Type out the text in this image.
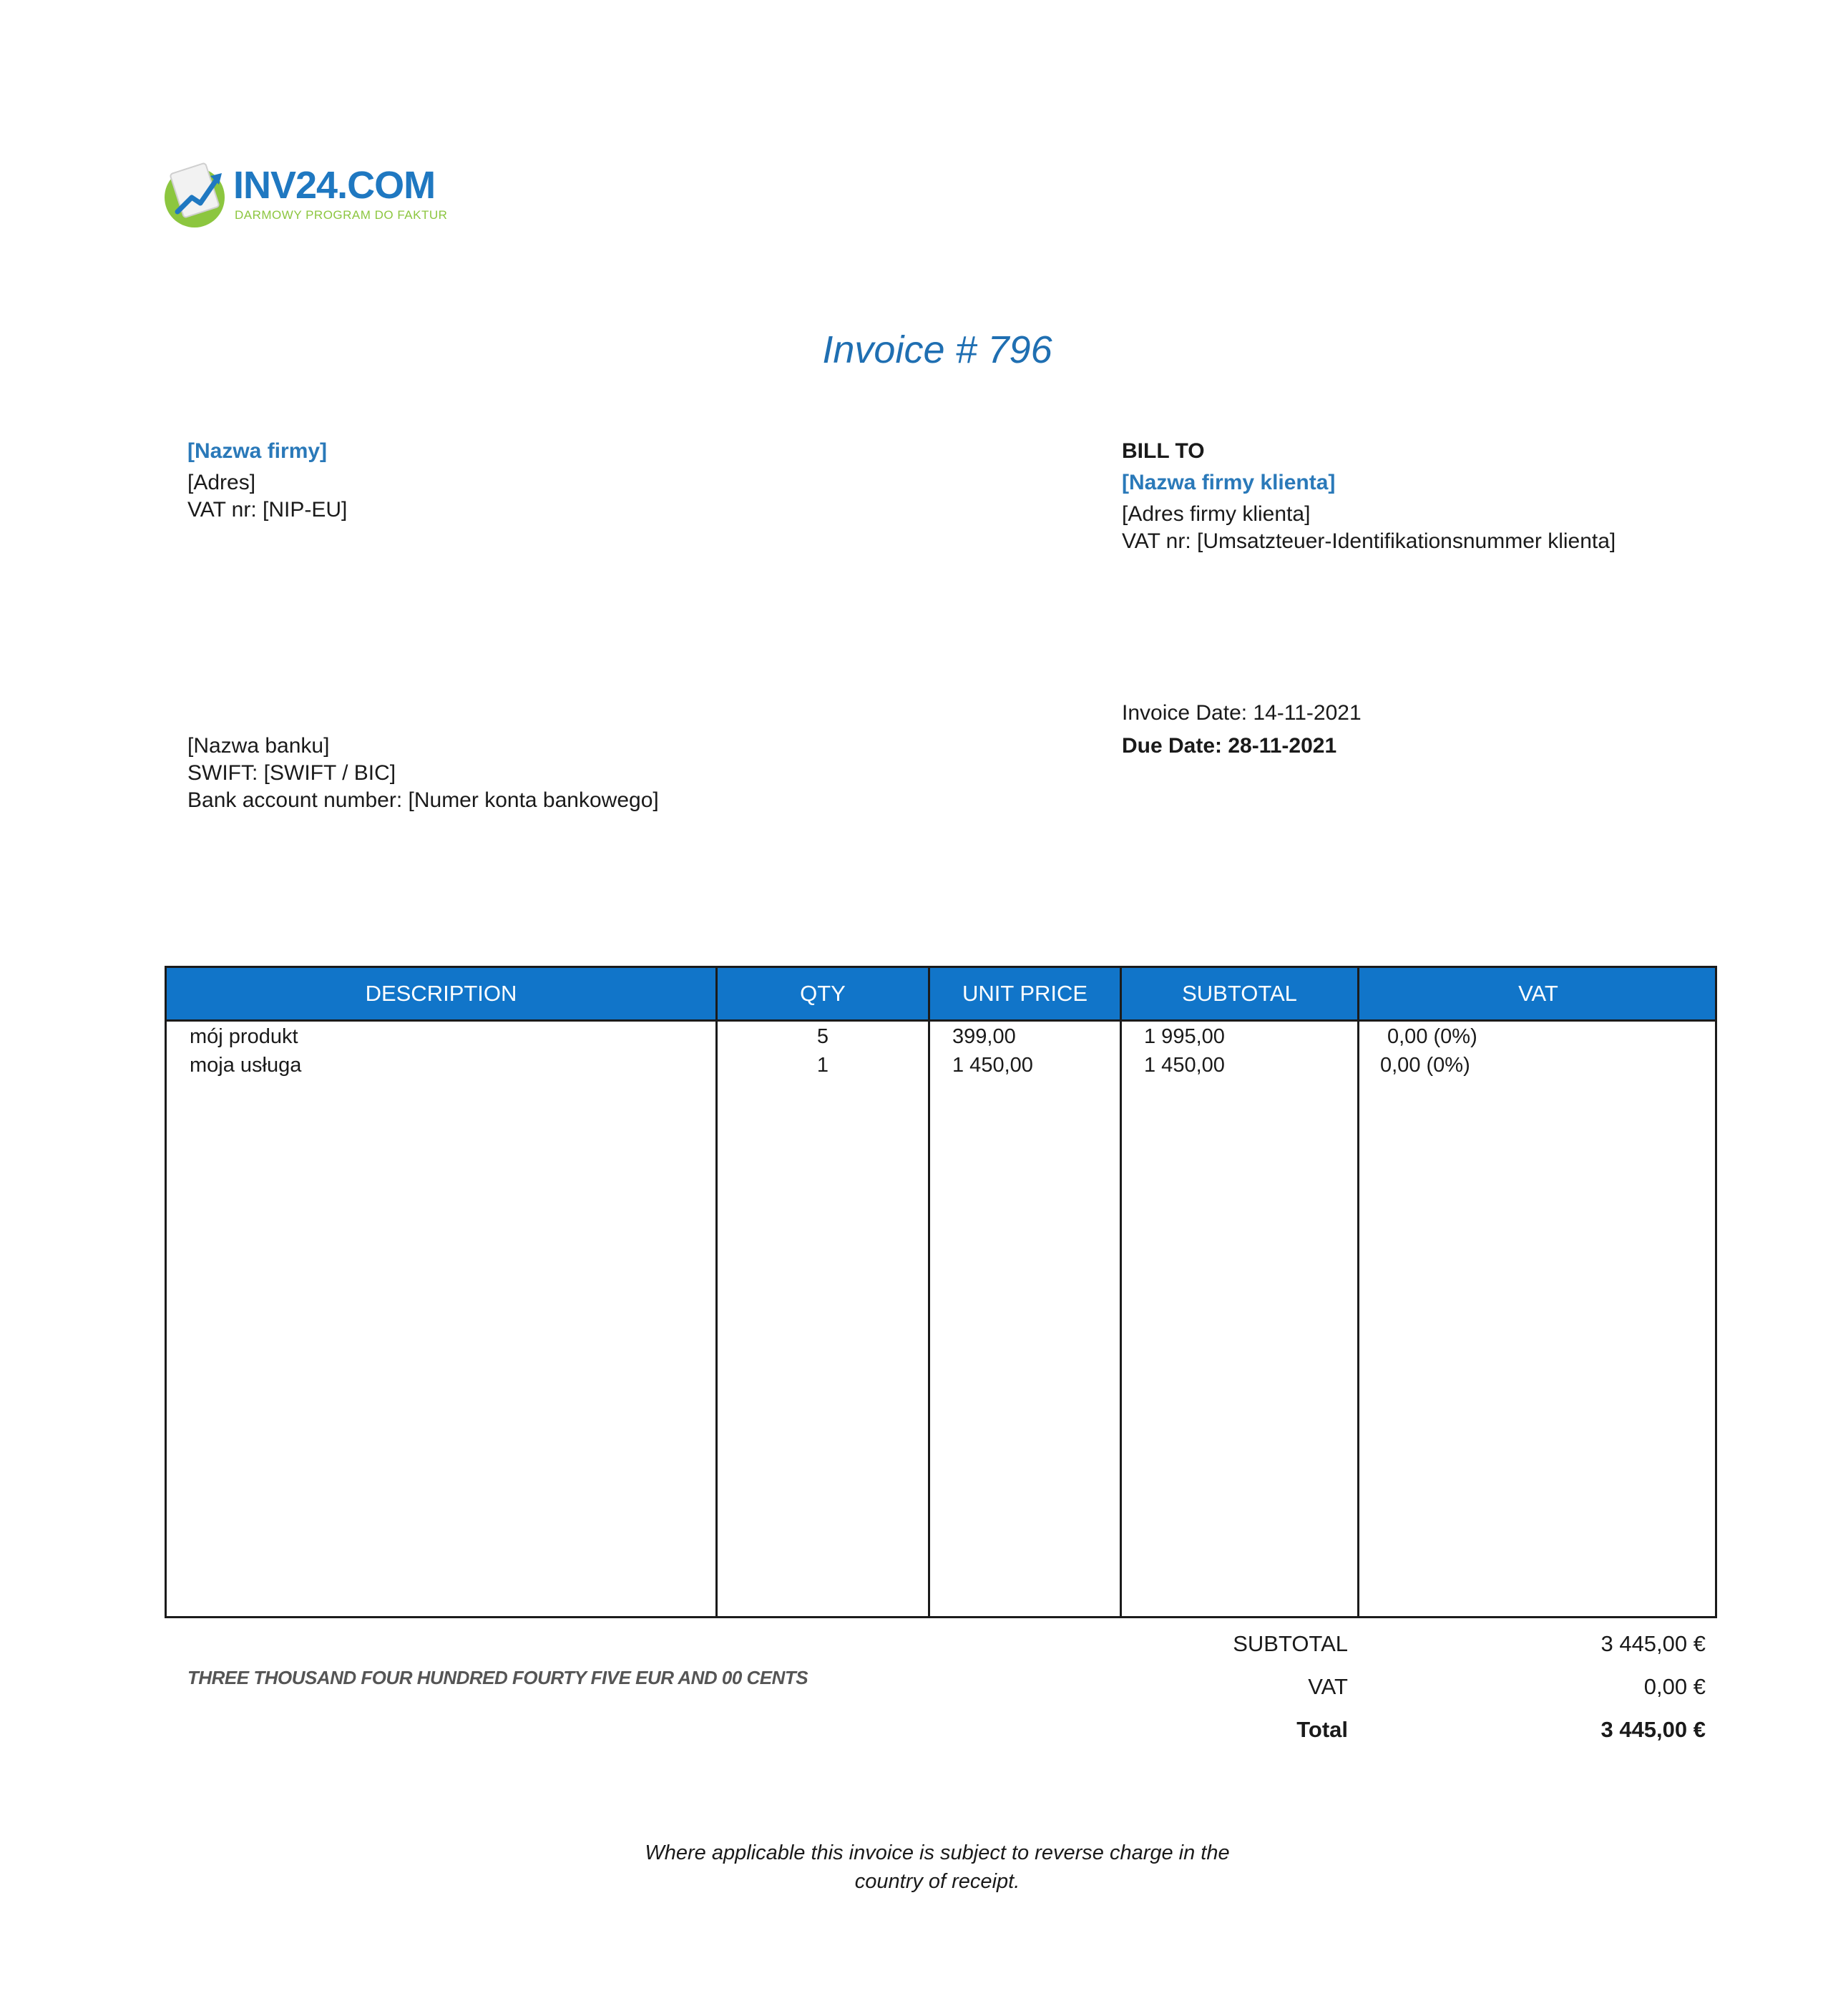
INV24.COM
DARMOWY PROGRAM DO FAKTUR
Invoice # 796
[Nazwa firmy]
[Adres]
VAT nr: [NIP-EU]
BILL TO
[Nazwa firmy klienta]
[Adres firmy klienta]
VAT nr: [Umsatzteuer-Identifikationsnummer klienta]
Invoice Date: 14-11-2021
Due Date: 28-11-2021
[Nazwa banku]
SWIFT: [SWIFT / BIC]
Bank account number: [Numer konta bankowego]
DESCRIPTION	QTY	UNIT PRICE	SUBTOTAL	VAT
mój produkt	5	399,00	1 995,00	0,00 (0%)
moja usługa	1	1 450,00	1 450,00	0,00 (0%)
SUBTOTAL	3 445,00 €
VAT	0,00 €
Total	3 445,00 €
THREE THOUSAND FOUR HUNDRED FOURTY FIVE EUR AND 00 CENTS
Where applicable this invoice is subject to reverse charge in the
country of receipt.
